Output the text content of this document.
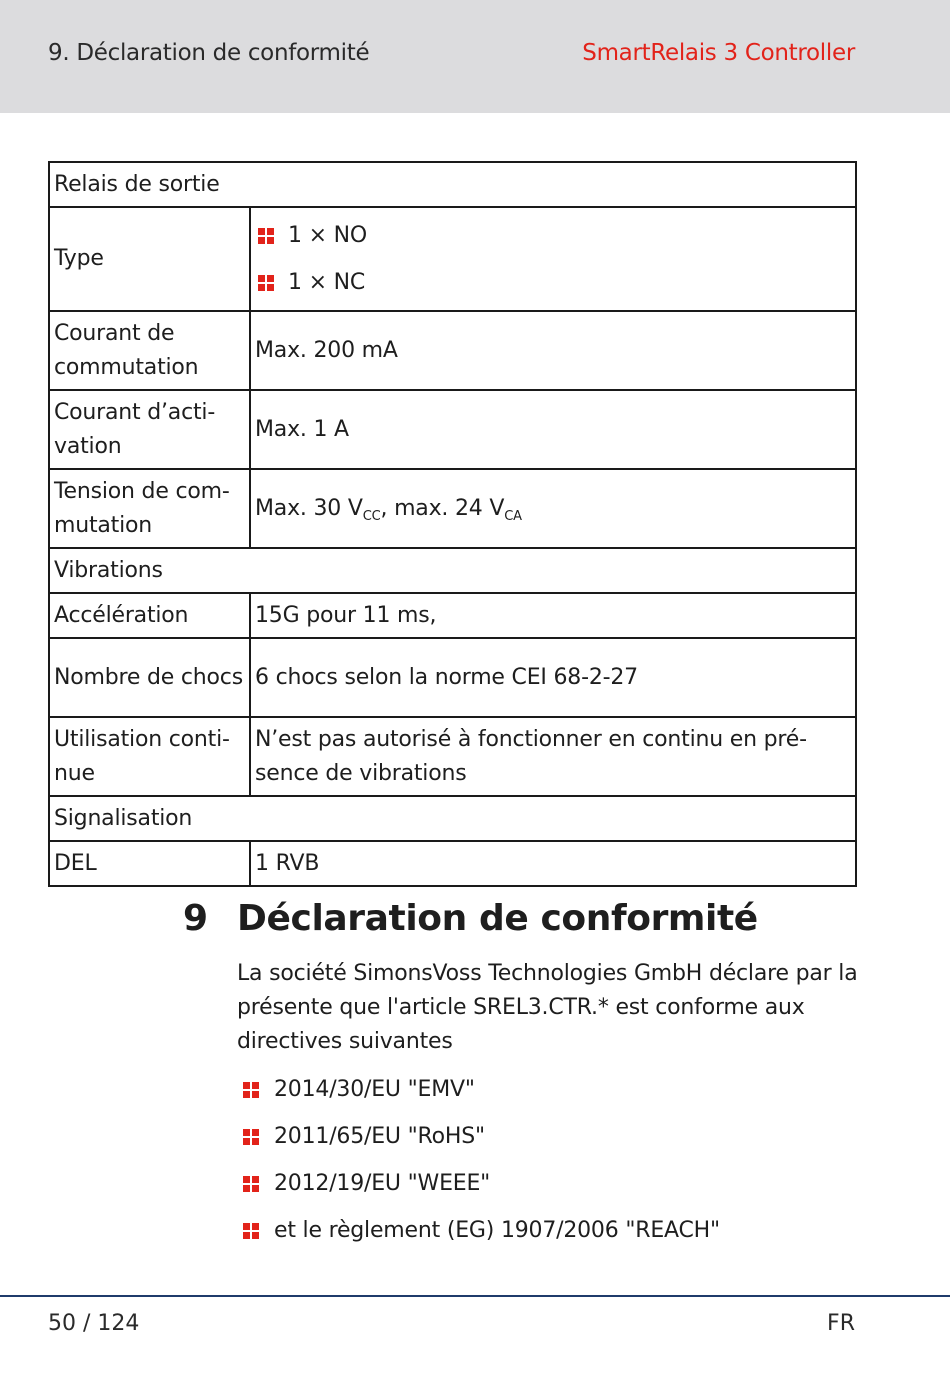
9. Déclaration de conformité	SmartRelais 3 Controller
Relais de sortie	
Type	1 × NO
1 × NC

Courant de commutation	Max. 200 mA
Courant d’activation	Max. 1 A
Tension de commutation	Max. 30 $V_{CC}$, max. 24 $V_{CA}$
Vibrations	
Accélération	15G pour 11 ms,
Nombre de chocs	6 chocs selon la norme CEI 68-2-27
Utilisation continue	N’est pas autorisé à fonctionner en continu en présence de vibrations
Signalisation	
DEL	1 RVB
9 Déclaration de conformité
La société SimonsVoss Technologies GmbH déclare par la présente que l'article SREL3.CTR.* est conforme aux directives suivantes
2014/30/EU "EMV"
2011/65/EU "RoHS"
2012/19/EU "WEEE"
et le règlement (EG) 1907/2006 "REACH"
50 / 124	FR
